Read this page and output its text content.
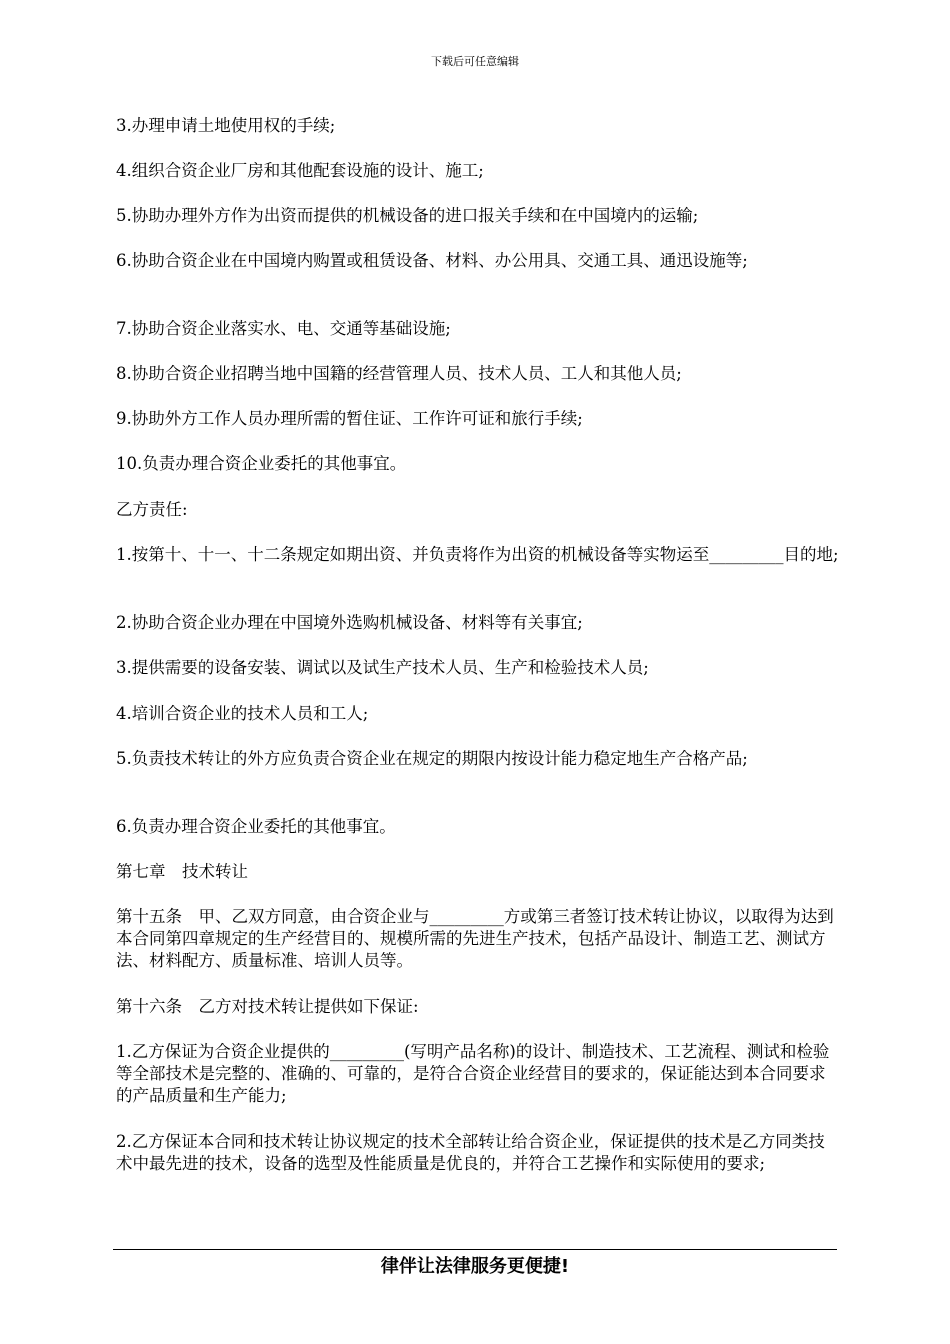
下载后可任意编辑

3.办理申请土地使用权的手续;

4.组织合资企业厂房和其他配套设施的设计、施工;

5.协助办理外方作为出资而提供的机械设备的进口报关手续和在中国境内的运输;

6.协助合资企业在中国境内购置或租赁设备、材料、办公用具、交通工具、通迅设施等;

7.协助合资企业落实水、电、交通等基础设施;

8.协助合资企业招聘当地中国籍的经营管理人员、技术人员、工人和其他人员;

9.协助外方工作人员办理所需的暂住证、工作许可证和旅行手续;

10.负责办理合资企业委托的其他事宜。

乙方责任:

1.按第十、十一、十二条规定如期出资、并负责将作为出资的机械设备等实物运至_________目的地;

2.协助合资企业办理在中国境外选购机械设备、材料等有关事宜;

3.提供需要的设备安装、调试以及试生产技术人员、生产和检验技术人员;

4.培训合资企业的技术人员和工人;

5.负责技术转让的外方应负责合资企业在规定的期限内按设计能力稳定地生产合格产品;

6.负责办理合资企业委托的其他事宜。

第七章　技术转让

第十五条　甲、乙双方同意，由合资企业与_________方或第三者签订技术转让协议，以取得为达到本合同第四章规定的生产经营目的、规模所需的先进生产技术，包括产品设计、制造工艺、测试方法、材料配方、质量标准、培训人员等。

第十六条　乙方对技术转让提供如下保证:

1.乙方保证为合资企业提供的_________(写明产品名称)的设计、制造技术、工艺流程、测试和检验等全部技术是完整的、准确的、可靠的，是符合合资企业经营目的要求的，保证能达到本合同要求的产品质量和生产能力;

2.乙方保证本合同和技术转让协议规定的技术全部转让给合资企业，保证提供的技术是乙方同类技术中最先进的技术，设备的选型及性能质量是优良的，并符合工艺操作和实际使用的要求;

律伴让法律服务更便捷!
